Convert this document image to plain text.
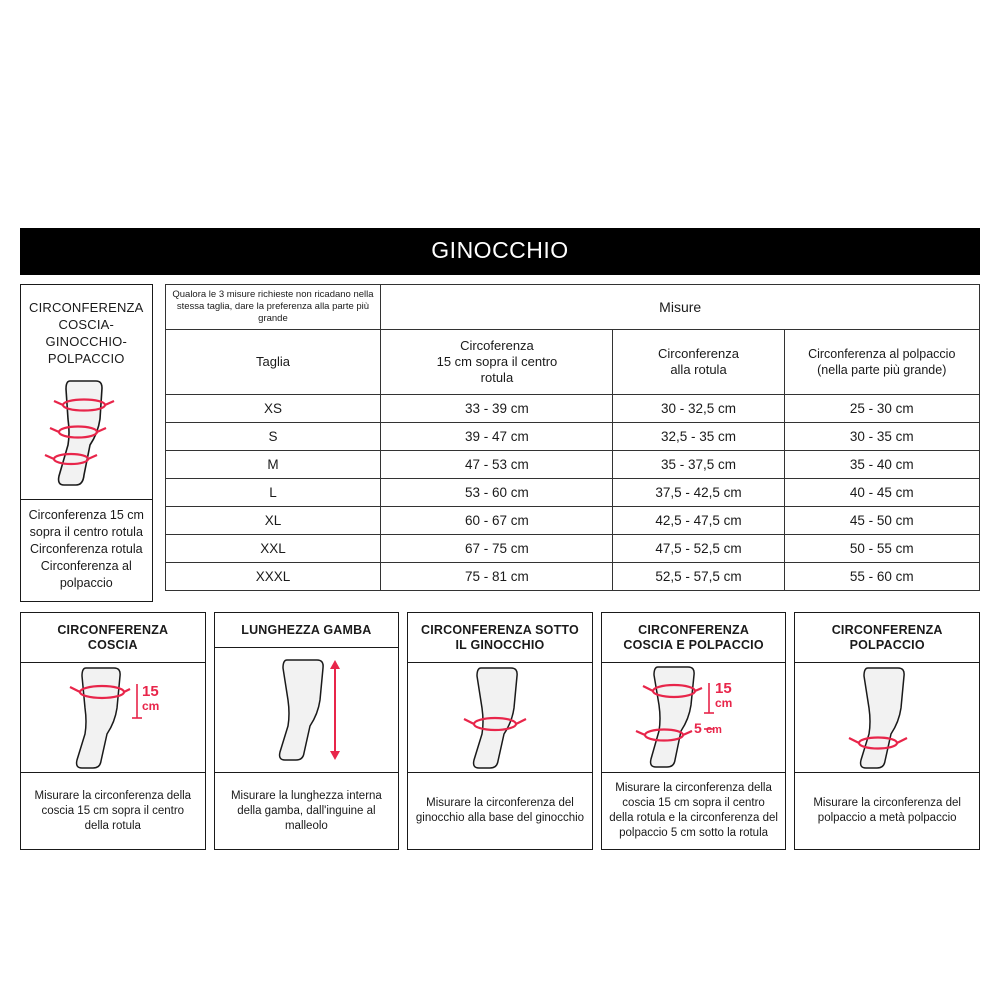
GINOCCHIO
CIRCONFERENZA
COSCIA-GINOCCHIO-POLPACCIO
Circonferenza 15 cm sopra il centro rotula
Circonferenza rotula
Circonferenza al polpaccio
Qualora le 3 misure richieste non ricadano nella stessa taglia, dare la preferenza alla parte più grande	Misure		
Taglia	
Circoferenza
15 cm sopra il centro
rotula

Circonferenza
alla rotula

Circonferenza al polpaccio
(nella parte più grande)

XS	33 - 39 cm	30 - 32,5 cm	25 - 30 cm
S	39 - 47 cm	32,5 - 35 cm	30 - 35 cm
M	47 - 53 cm	35 - 37,5 cm	35 - 40 cm
L	53 - 60 cm	37,5 - 42,5 cm	40 - 45 cm
XL	60 - 67 cm	42,5 - 47,5 cm	45 - 50 cm
XXL	67 - 75 cm	47,5 - 52,5 cm	50 - 55 cm
XXXL	75 - 81 cm	52,5 - 57,5 cm	55 - 60 cm
CIRCONFERENZA
COSCIA
15
cm
Misurare la circonferenza della coscia 15 cm sopra il centro della rotula
LUNGHEZZA GAMBA
Misurare la lunghezza interna della gamba, dall'inguine al malleolo
CIRCONFERENZA SOTTO
IL GINOCCHIO
Misurare la circonferenza del ginocchio alla base del ginocchio
CIRCONFERENZA
COSCIA E POLPACCIO
15
cm
5 cm
Misurare la circonferenza della coscia 15 cm sopra il centro della rotula e la circonferenza del polpaccio 5 cm sotto la rotula
CIRCONFERENZA
POLPACCIO
Misurare la circonferenza del polpaccio a metà polpaccio
